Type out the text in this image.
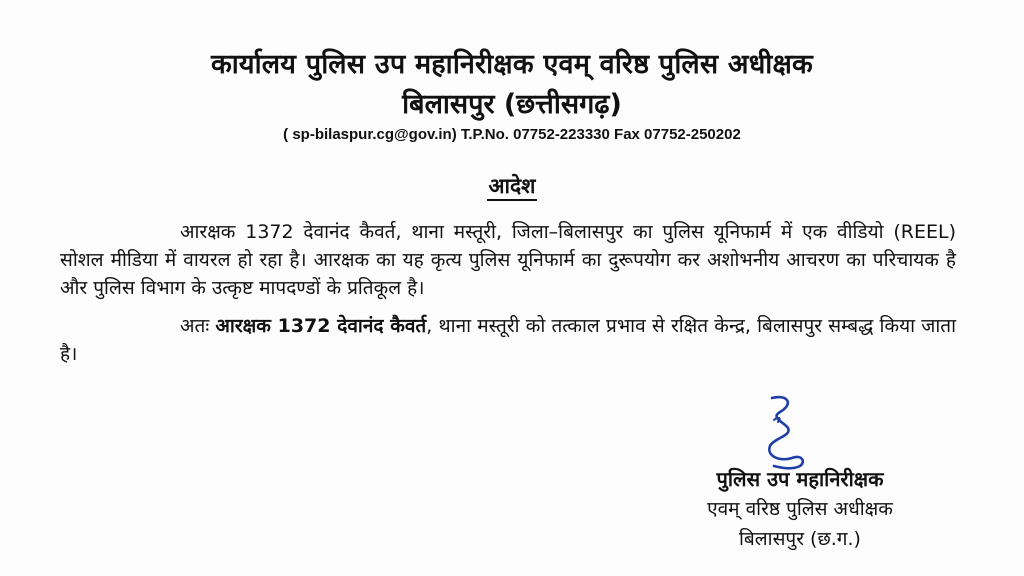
कार्यालय पुलिस उप महानिरीक्षक एवम् वरिष्ठ पुलिस अधीक्षक
बिलासपुर (छत्तीसगढ़)
( sp-bilaspur.cg@gov.in) T.P.No. 07752-223330 Fax 07752-250202
आदेश

आरक्षक 1372 देवानंद कैवर्त, थाना मस्तूरी, जिला–बिलासपुर का पुलिस यूनिफार्म में एक वीडियो (REEL) सोशल मीडिया में वायरल हो रहा है। आरक्षक का यह कृत्य पुलिस यूनिफार्म का दुरूपयोग कर अशोभनीय आचरण का परिचायक है और पुलिस विभाग के उत्कृष्ट मापदण्डों के प्रतिकूल है।

अतः आरक्षक 1372 देवानंद कैवर्त, थाना मस्तूरी को तत्काल प्रभाव से रक्षित केन्द्र, बिलासपुर सम्बद्ध किया जाता है।

पुलिस उप महानिरीक्षक
एवम् वरिष्ठ पुलिस अधीक्षक
बिलासपुर (छ.ग.)
